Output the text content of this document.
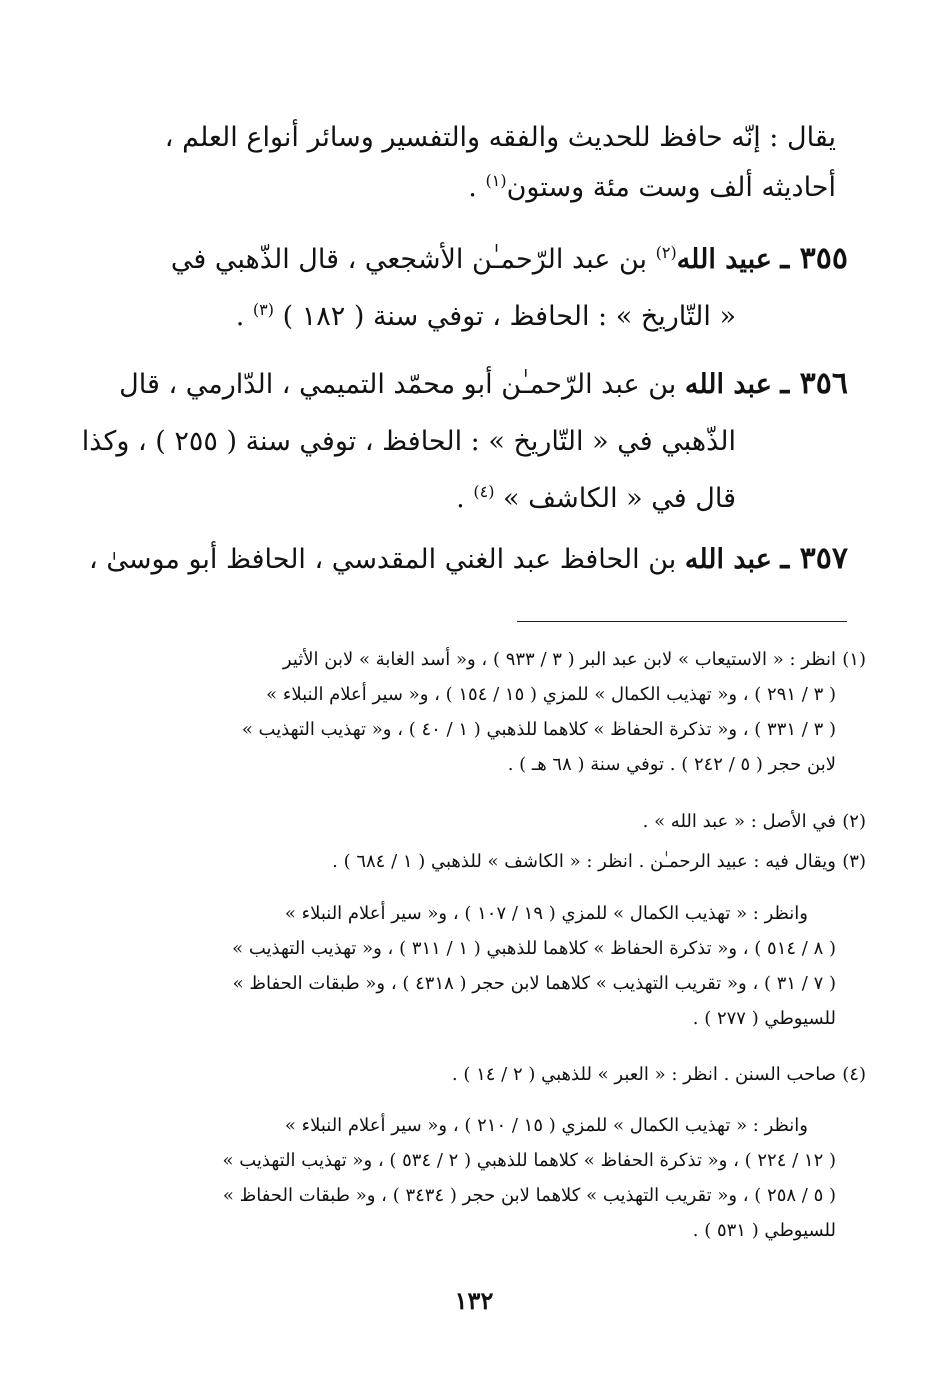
يقال : إنّه حافظ للحديث والفقه والتفسير وسائر أنواع العلم ،
أحاديثه ألف وست مئة وستون$^{(١)}$ .
٣٥٥ ـ عبيد الله$^{(٢)}$ بن عبد الرّحمـٰن الأشجعي ، قال الذّهبي في
« التّاريخ » : الحافظ ، توفي سنة ( ١٨٢ ) $^{(٣)}$ .
٣٥٦ ـ عبد الله بن عبد الرّحمـٰن أبو محمّد التميمي ، الدّارمي ، قال
الذّهبي في « التّاريخ » : الحافظ ، توفي سنة ( ٢٥٥ ) ، وكذا
قال في « الكاشف » $^{(٤)}$ .
٣٥٧ ـ عبد الله بن الحافظ عبد الغني المقدسي ، الحافظ أبو موسىٰ ،
(١)
انظر : « الاستيعاب » لابن عبد البر ( ٣ / ٩٣٣ ) ، و« أسد الغابة » لابن الأثير
( ٣ / ٢٩١ ) ، و« تهذيب الكمال » للمزي ( ١٥ / ١٥٤ ) ، و« سير أعلام النبلاء »
( ٣ / ٣٣١ ) ، و« تذكرة الحفاظ » كلاهما للذهبي ( ١ / ٤٠ ) ، و« تهذيب التهذيب »
لابن حجر ( ٥ / ٢٤٢ ) . توفي سنة ( ٦٨ هـ ) .
(٢)
في الأصل : « عبد الله » .
(٣)
ويقال فيه : عبيد الرحمـٰن . انظر : « الكاشف » للذهبي ( ١ / ٦٨٤ ) .
وانظر : « تهذيب الكمال » للمزي ( ١٩ / ١٠٧ ) ، و« سير أعلام النبلاء »
( ٨ / ٥١٤ ) ، و« تذكرة الحفاظ » كلاهما للذهبي ( ١ / ٣١١ ) ، و« تهذيب التهذيب »
( ٧ / ٣١ ) ، و« تقريب التهذيب » كلاهما لابن حجر ( ٤٣١٨ ) ، و« طبقات الحفاظ »
للسيوطي ( ٢٧٧ ) .
(٤)
صاحب السنن . انظر : « العبر » للذهبي ( ٢ / ١٤ ) .
وانظر : « تهذيب الكمال » للمزي ( ١٥ / ٢١٠ ) ، و« سير أعلام النبلاء »
( ١٢ / ٢٢٤ ) ، و« تذكرة الحفاظ » كلاهما للذهبي ( ٢ / ٥٣٤ ) ، و« تهذيب التهذيب »
( ٥ / ٢٥٨ ) ، و« تقريب التهذيب » كلاهما لابن حجر ( ٣٤٣٤ ) ، و« طبقات الحفاظ »
للسيوطي ( ٥٣١ ) .
١٣٢
